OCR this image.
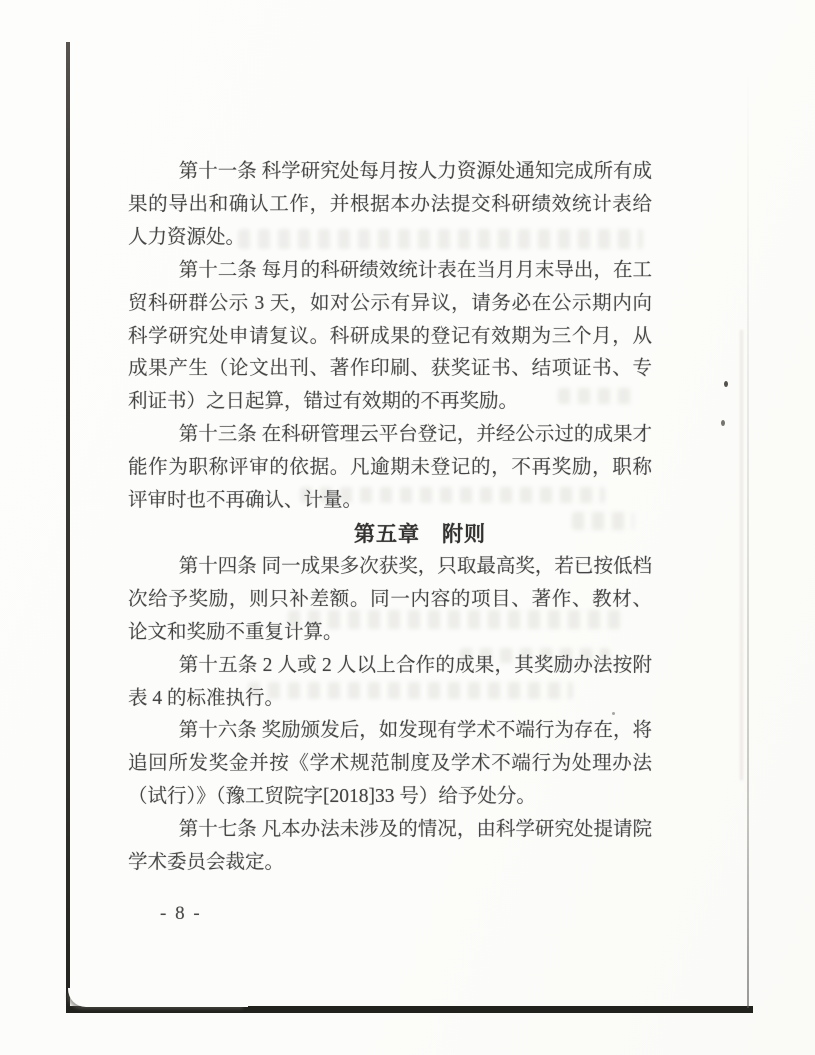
第十一条 科学研究处每月按人力资源处通知完成所有成果的导出和确认工作，并根据本办法提交科研绩效统计表给人力资源处。

第十二条 每月的科研绩效统计表在当月月末导出，在工贸科研群公示 3 天，如对公示有异议，请务必在公示期内向科学研究处申请复议。科研成果的登记有效期为三个月，从成果产生（论文出刊、著作印刷、获奖证书、结项证书、专利证书）之日起算，错过有效期的不再奖励。

第十三条 在科研管理云平台登记，并经公示过的成果才能作为职称评审的依据。凡逾期未登记的，不再奖励，职称评审时也不再确认、计量。

第五章　附则

第十四条 同一成果多次获奖，只取最高奖，若已按低档次给予奖励，则只补差额。同一内容的项目、著作、教材、论文和奖励不重复计算。

第十五条 2 人或 2 人以上合作的成果，其奖励办法按附表 4 的标准执行。

第十六条 奖励颁发后，如发现有学术不端行为存在，将追回所发奖金并按《学术规范制度及学术不端行为处理办法（试行）》（豫工贸院字[2018]33 号）给予处分。

第十七条 凡本办法未涉及的情况，由科学研究处提请院学术委员会裁定。

- 8 -
